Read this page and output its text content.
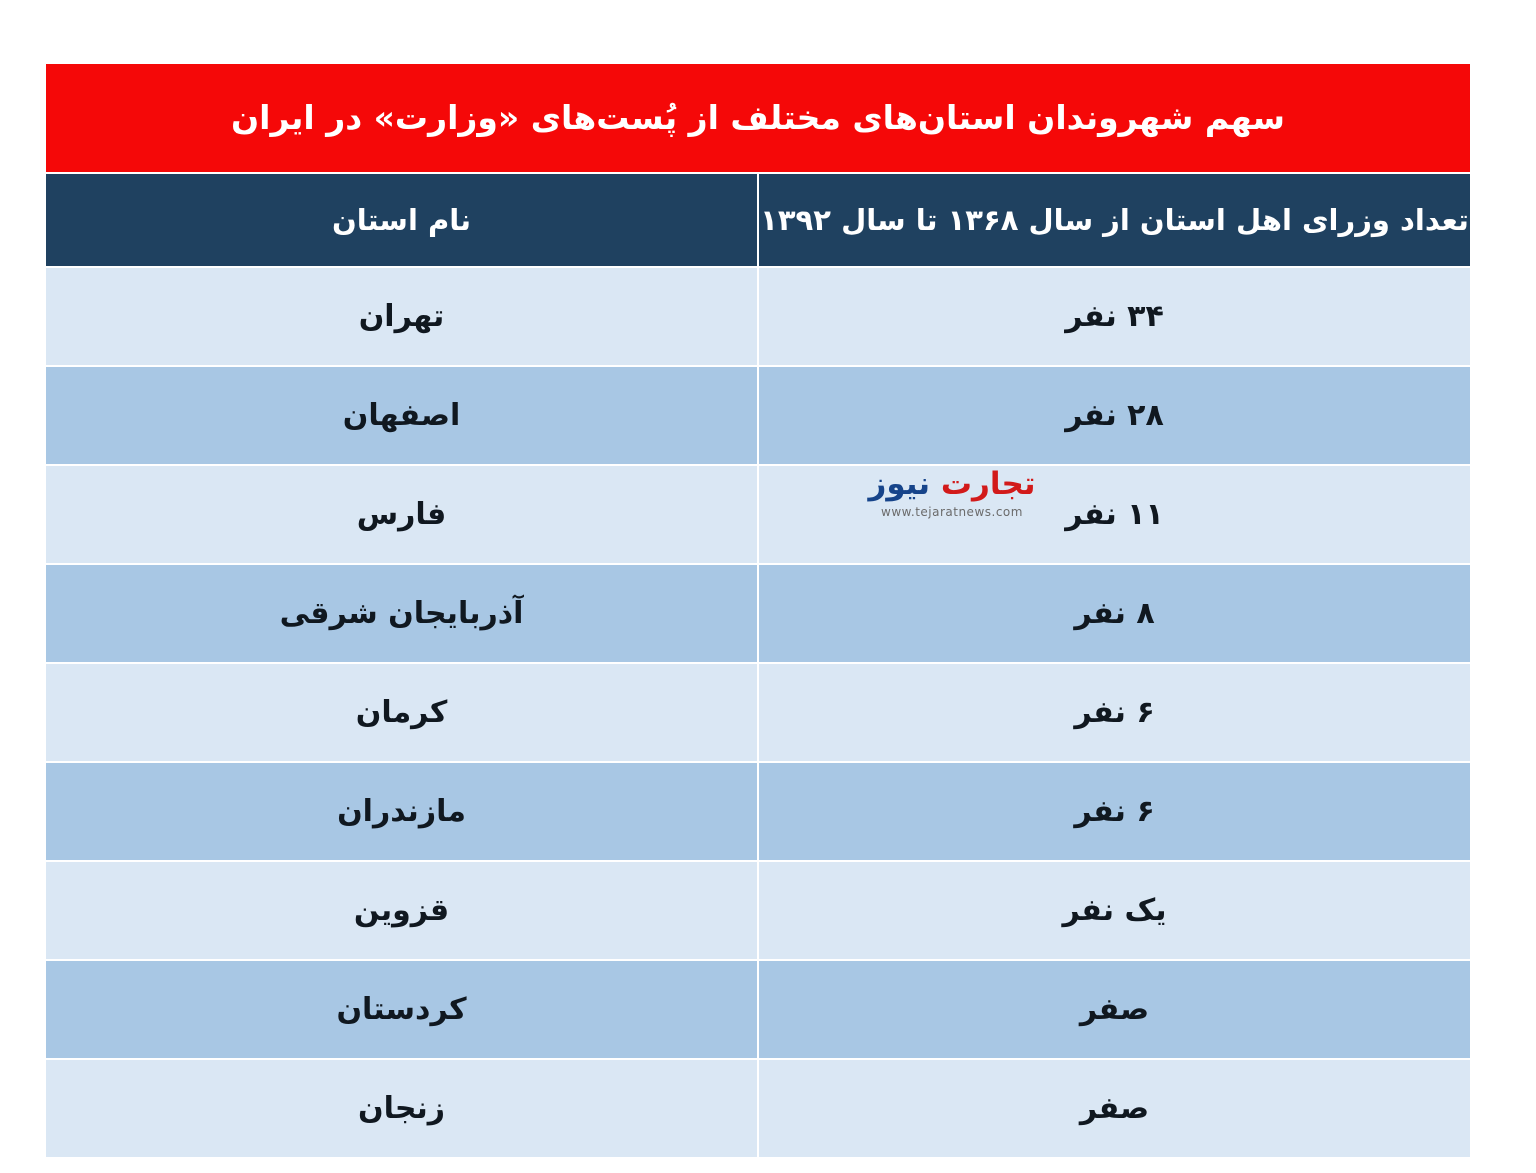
سهم شهروندان استان‌های مختلف از پُست‌های «وزارت» در ایران	
تعداد وزرای اهل استان از سال ۱۳۶۸ تا سال ۱۳۹۲	نام استان
۳۴ نفر	تهران
۲۸ نفر	اصفهان
۱۱ نفر	فارس
۸ نفر	آذربایجان شرقی
۶ نفر	کرمان
۶ نفر	مازندران
یک نفر	قزوین
صفر	کردستان
صفر	زنجان
تجارت نیوز
www.tejaratnews.com
